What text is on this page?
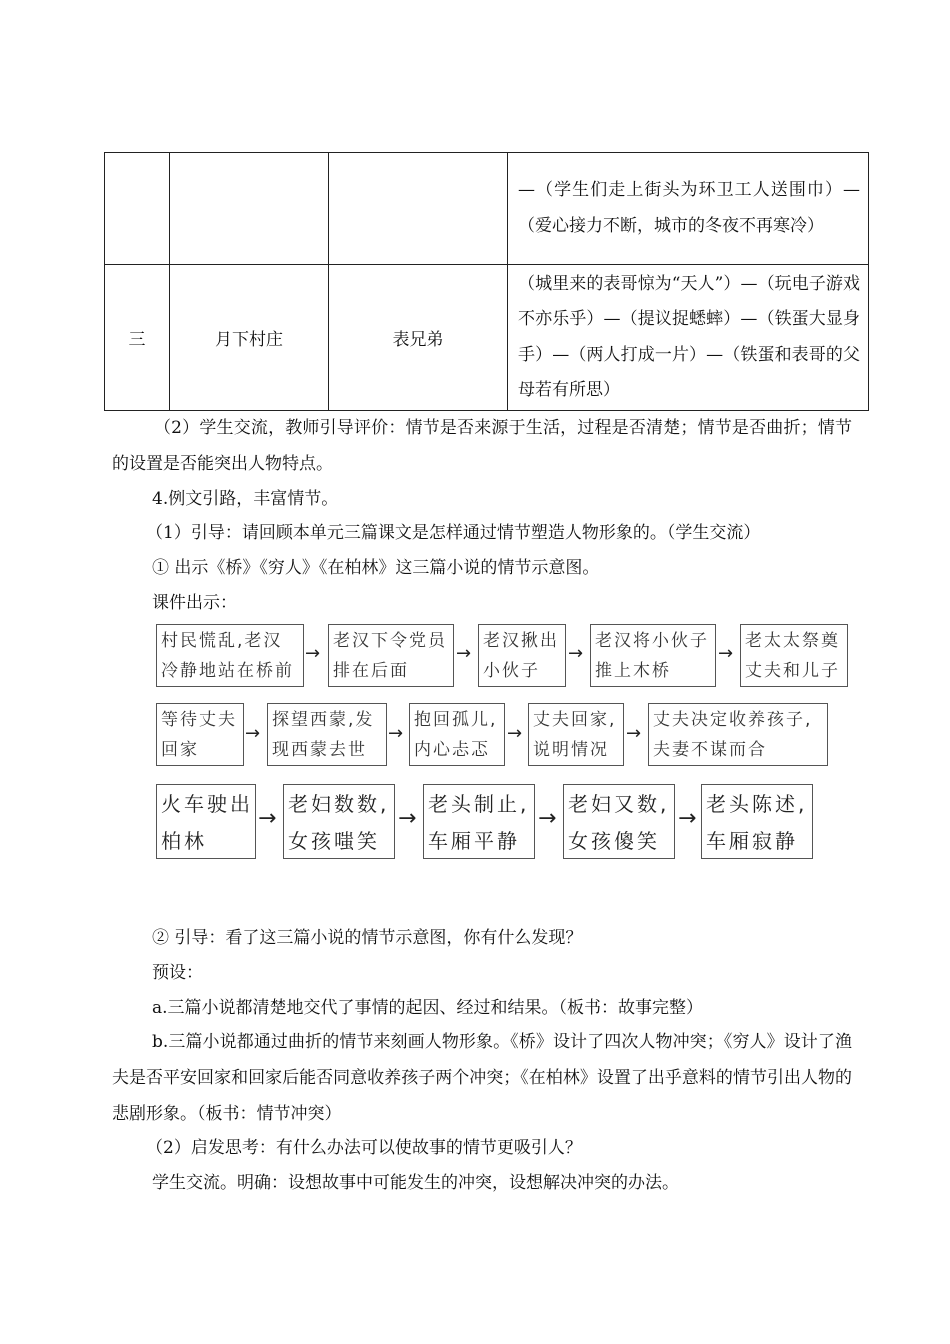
			—（学生们走上街头为环卫工人送围巾）—（爱心接力不断，城市的冬夜不再寒冷）
三	月下村庄	表兄弟	（城里来的表哥惊为“天人”）—（玩电子游戏不亦乐乎）—（提议捉蟋蟀）—（铁蛋大显身手）—（两人打成一片）—（铁蛋和表哥的父母若有所思）
（2）学生交流，教师引导评价：情节是否来源于生活，过程是否清楚；情节是否曲折；情节的设置是否能突出人物特点。
4.例文引路，丰富情节。
（1）引导：请回顾本单元三篇课文是怎样通过情节塑造人物形象的。（学生交流）
① 出示《桥》《穷人》《在柏林》这三篇小说的情节示意图。
课件出示：
村民慌乱,老汉
冷静地站在桥前
→
老汉下令党员
排在后面
→
老汉揪出
小伙子
→
老汉将小伙子
推上木桥
→
老太太祭奠
丈夫和儿子
等待丈夫
回家
→
探望西蒙,发
现西蒙去世
→
抱回孤儿,
内心忐忑
→
丈夫回家,
说明情况
→
丈夫决定收养孩子,
夫妻不谋而合
火车驶出
柏林
→
老妇数数,
女孩嗤笑
→
老头制止,
车厢平静
→
老妇又数,
女孩傻笑
→
老头陈述,
车厢寂静
② 引导：看了这三篇小说的情节示意图，你有什么发现？
预设：
a.三篇小说都清楚地交代了事情的起因、经过和结果。（板书：故事完整）
b.三篇小说都通过曲折的情节来刻画人物形象。《桥》设计了四次人物冲突；《穷人》设计了渔夫是否平安回家和回家后能否同意收养孩子两个冲突；《在柏林》设置了出乎意料的情节引出人物的悲剧形象。（板书：情节冲突）
（2）启发思考：有什么办法可以使故事的情节更吸引人？
学生交流。明确：设想故事中可能发生的冲突，设想解决冲突的办法。
